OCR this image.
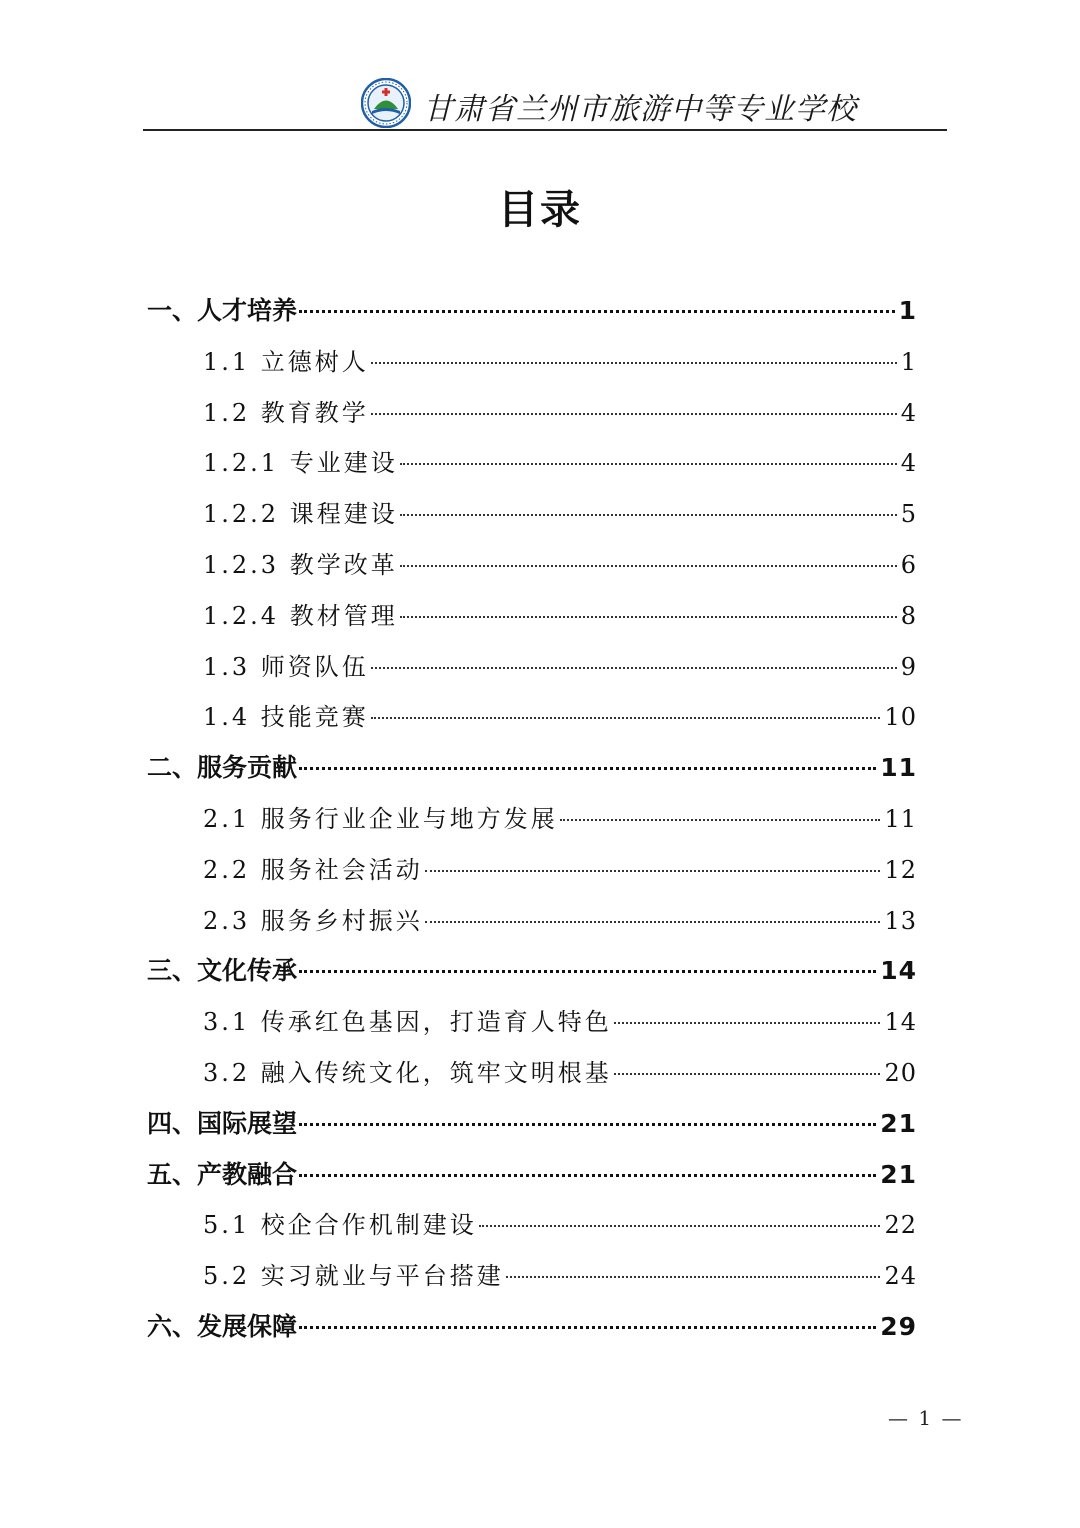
甘肃省兰州市旅游中等专业学校
目录
一、人才培养	1
1.1 立德树人	1
1.2 教育教学	4
1.2.1 专业建设	4
1.2.2 课程建设	5
1.2.3 教学改革	6
1.2.4 教材管理	8
1.3 师资队伍	9
1.4 技能竞赛	10
二、服务贡献	11
2.1 服务行业企业与地方发展	11
2.2 服务社会活动	12
2.3 服务乡村振兴	13
三、文化传承	14
3.1 传承红色基因，打造育人特色	14
3.2 融入传统文化，筑牢文明根基	20
四、国际展望	21
五、产教融合	21
5.1 校企合作机制建设	22
5.2 实习就业与平台搭建	24
六、发展保障	29
— 1 —
